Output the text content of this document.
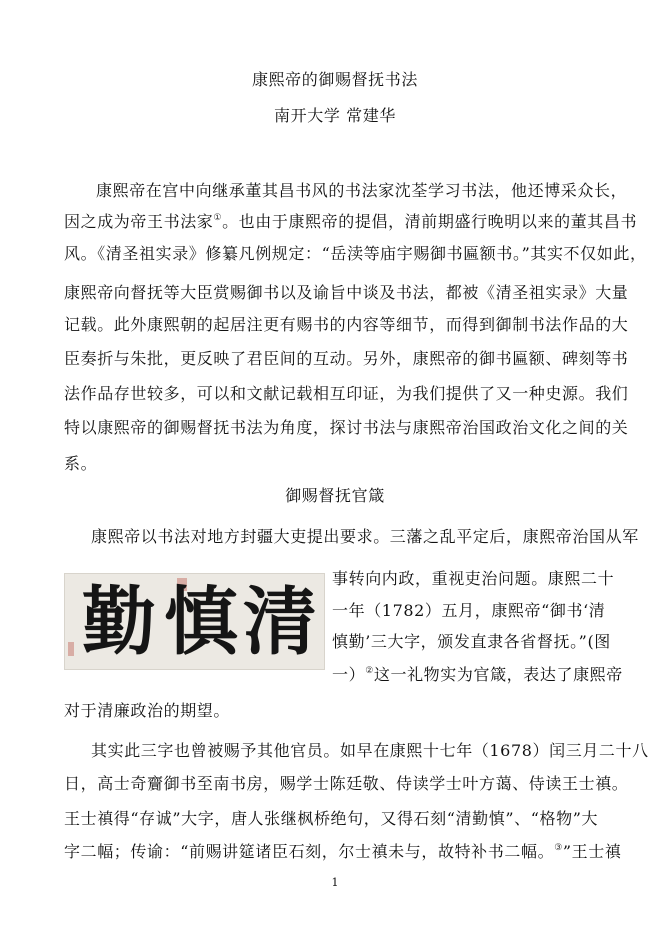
康熙帝的御赐督抚书法
南开大学 常建华
康熙帝在宫中向继承董其昌书风的书法家沈荃学习书法，他还博采众长，
因之成为帝王书法家①。也由于康熙帝的提倡，清前期盛行晚明以来的董其昌书
风。《清圣祖实录》修纂凡例规定：“岳渎等庙宇赐御书匾额书。”其实不仅如此，
康熙帝向督抚等大臣赏赐御书以及谕旨中谈及书法，都被《清圣祖实录》大量
记载。此外康熙朝的起居注更有赐书的内容等细节，而得到御制书法作品的大
臣奏折与朱批，更反映了君臣间的互动。另外，康熙帝的御书匾额、碑刻等书
法作品存世较多，可以和文献记载相互印证，为我们提供了又一种史源。我们
特以康熙帝的御赐督抚书法为角度，探讨书法与康熙帝治国政治文化之间的关
系。
御赐督抚官箴
康熙帝以书法对地方封疆大吏提出要求。三藩之乱平定后，康熙帝治国从军
勤 慎 清
事转向内政，重视吏治问题。康熙二十
一年（1782）五月，康熙帝“御书‘清
慎勤’三大字，颁发直隶各省督抚。”(图
一）②这一礼物实为官箴，表达了康熙帝
对于清廉政治的期望。
其实此三字也曾被赐予其他官员。如早在康熙十七年（1678）闰三月二十八
日，高士奇齎御书至南书房，赐学士陈廷敬、侍读学士叶方蔼、侍读王士禛。
王士禛得“存诚”大字，唐人张继枫桥绝句，又得石刻“清勤慎”、“格物”大
字二幅；传谕：“前赐讲筵诸臣石刻，尔士禛未与，故特补书二幅。③”王士禛
1
